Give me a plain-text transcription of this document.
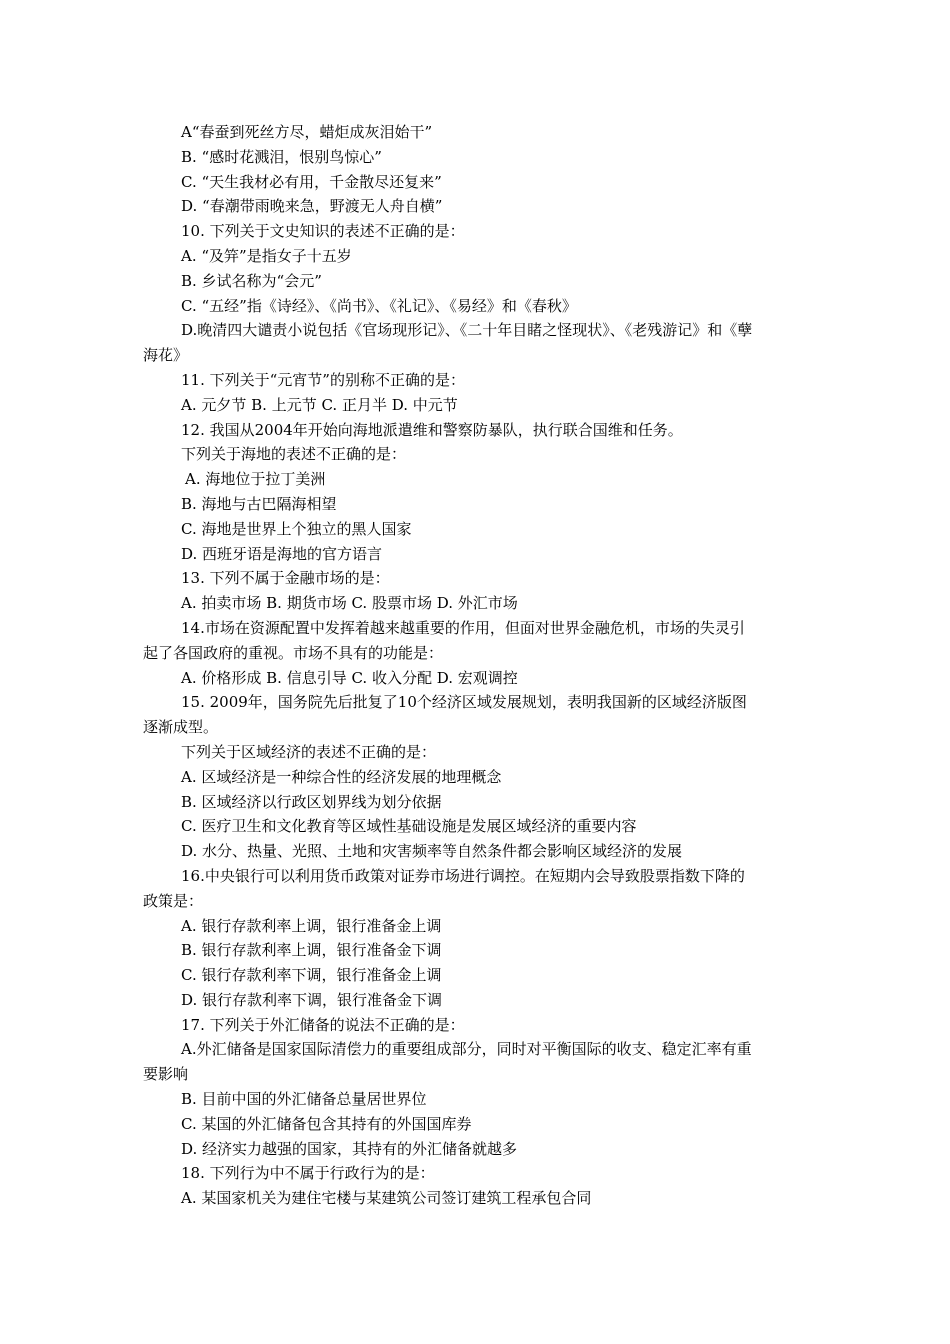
A“春蚕到死丝方尽，蜡炬成灰泪始干”
B. “感时花溅泪，恨别鸟惊心”
C. “天生我材必有用，千金散尽还复来”
D. “春潮带雨晚来急，野渡无人舟自横”
10. 下列关于文史知识的表述不正确的是：
A. “及笄”是指女子十五岁
B. 乡试名称为“会元”
C. “五经”指《诗经》、《尚书》、《礼记》、《易经》和《春秋》
D.晚清四大谴责小说包括《官场现形记》、《二十年目睹之怪现状》、《老残游记》和《孽
海花》
11. 下列关于“元宵节”的别称不正确的是：
A. 元夕节 B. 上元节 C. 正月半 D. 中元节
12. 我国从2004年开始向海地派遣维和警察防暴队，执行联合国维和任务。
下列关于海地的表述不正确的是：
A. 海地位于拉丁美洲
B. 海地与古巴隔海相望
C. 海地是世界上个独立的黑人国家
D. 西班牙语是海地的官方语言
13. 下列不属于金融市场的是：
A. 拍卖市场 B. 期货市场 C. 股票市场 D. 外汇市场
14.市场在资源配置中发挥着越来越重要的作用，但面对世界金融危机，市场的失灵引
起了各国政府的重视。市场不具有的功能是：
A. 价格形成 B. 信息引导 C. 收入分配 D. 宏观调控
15. 2009年，国务院先后批复了10个经济区域发展规划，表明我国新的区域经济版图
逐渐成型。
下列关于区域经济的表述不正确的是：
A. 区域经济是一种综合性的经济发展的地理概念
B. 区域经济以行政区划界线为划分依据
C. 医疗卫生和文化教育等区域性基础设施是发展区域经济的重要内容
D. 水分、热量、光照、土地和灾害频率等自然条件都会影响区域经济的发展
16.中央银行可以利用货币政策对证券市场进行调控。在短期内会导致股票指数下降的
政策是：
A. 银行存款利率上调，银行准备金上调
B. 银行存款利率上调，银行准备金下调
C. 银行存款利率下调，银行准备金上调
D. 银行存款利率下调，银行准备金下调
17. 下列关于外汇储备的说法不正确的是：
A.外汇储备是国家国际清偿力的重要组成部分，同时对平衡国际的收支、稳定汇率有重
要影响
B. 目前中国的外汇储备总量居世界位
C. 某国的外汇储备包含其持有的外国国库券
D. 经济实力越强的国家，其持有的外汇储备就越多
18. 下列行为中不属于行政行为的是：
A. 某国家机关为建住宅楼与某建筑公司签订建筑工程承包合同
